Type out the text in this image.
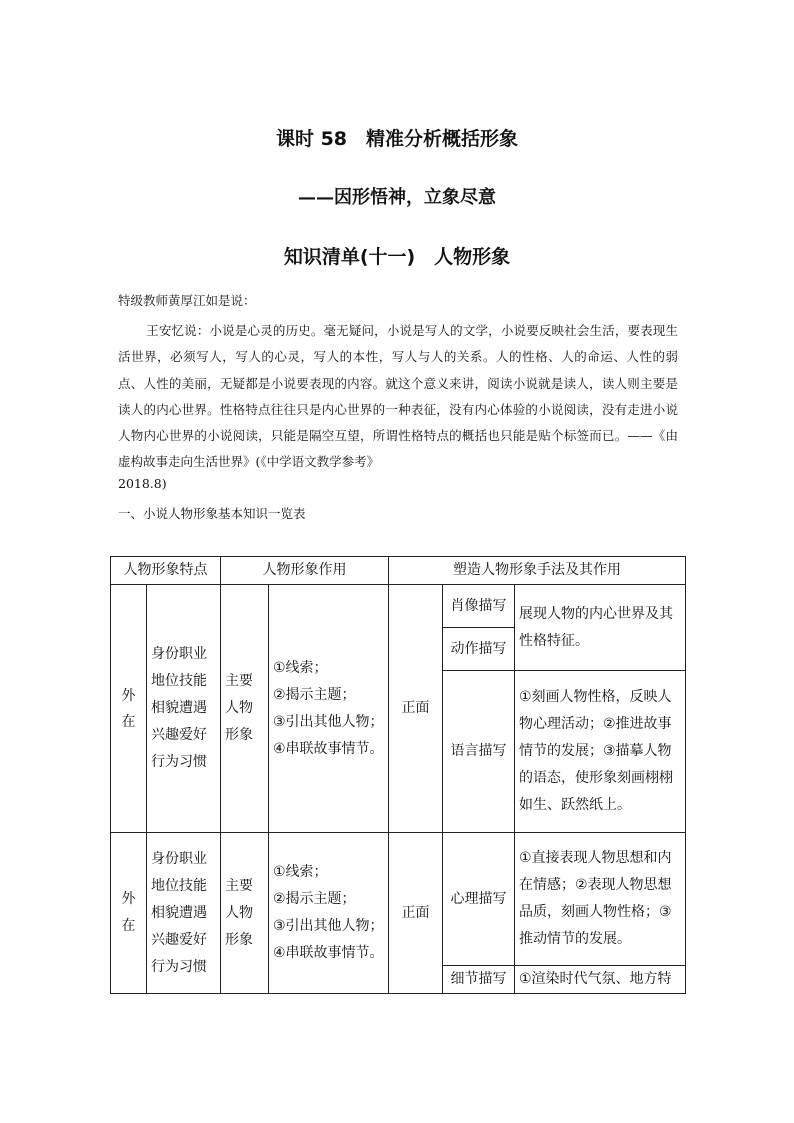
课时 58　精准分析概括形象
——因形悟神，立象尽意
知识清单(十一)　人物形象
特级教师黄厚江如是说：
王安忆说：小说是心灵的历史。毫无疑问，小说是写人的文学，小说要反映社会生活，要表现生活世界，必须写人，写人的心灵，写人的本性，写人与人的关系。人的性格、人的命运、人性的弱点、人性的美丽，无疑都是小说要表现的内容。就这个意义来讲，阅读小说就是读人，读人则主要是读人的内心世界。性格特点往往只是内心世界的一种表征，没有内心体验的小说阅读，没有走进小说人物内心世界的小说阅读，只能是隔空互望，所谓性格特点的概括也只能是贴个标签而已。——《由虚构故事走向生活世界》(《中学语文教学参考》
2018.8)
一、小说人物形象基本知识一览表
人物形象特点		人物形象作用		塑造人物形象手法及其作用		
外在	身份职业地位技能相貌遭遇兴趣爱好行为习惯	主要人物形象	①线索；
②揭示主题；
③引出其他人物；
④串联故事情节。	正面	肖像描写	展现人物的内心世界及其性格特征。
					动作描写	
					语言描写	①刻画人物性格，反映人物心理活动；②推进故事情节的发展；③描摹人物的语态，使形象刻画栩栩如生、跃然纸上。
外在	身份职业地位技能相貌遭遇兴趣爱好行为习惯	主要人物形象	①线索；
②揭示主题；
③引出其他人物；
④串联故事情节。	正面	心理描写	①直接表现人物思想和内在情感；②表现人物思想品质，刻画人物性格；③推动情节的发展。
					细节描写	①渲染时代气氛、地方特
